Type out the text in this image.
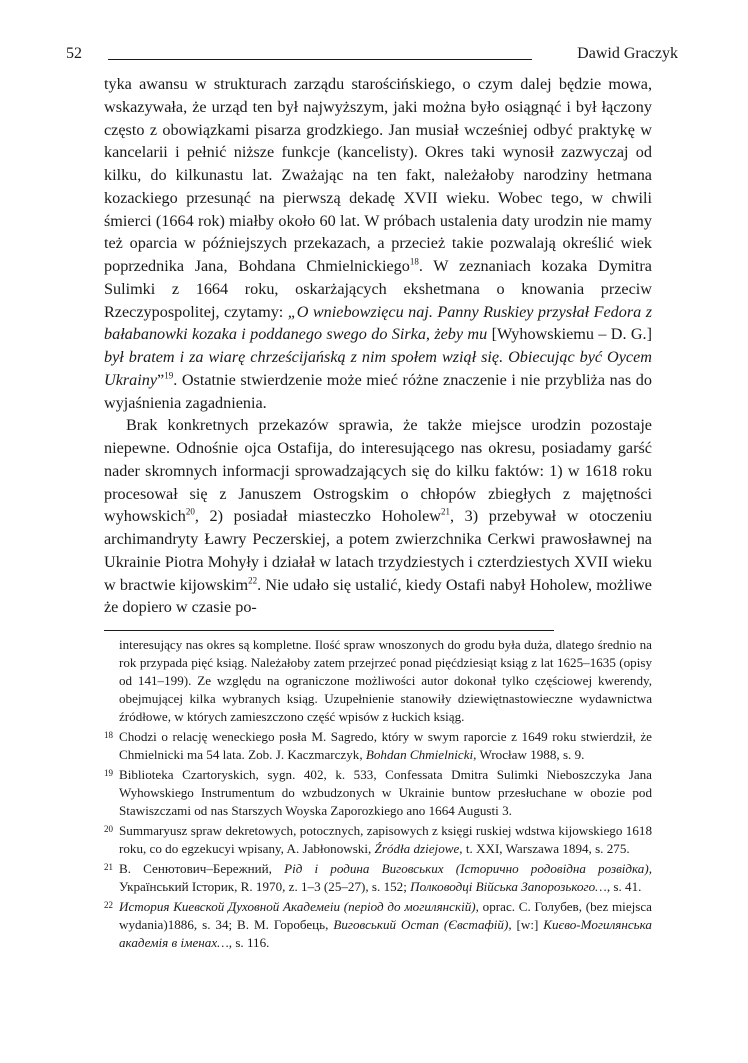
52	Dawid Graczyk

tyka awansu w strukturach zarządu starościńskiego, o czym dalej będzie mowa, wskazywała, że urząd ten był najwyższym, jaki można było osiągnąć i był łączony często z obowiązkami pisarza grodzkiego. Jan musiał wcześniej odbyć praktykę w kancelarii i pełnić niższe funkcje (kancelisty). Okres taki wynosił zazwyczaj od kilku, do kilkunastu lat. Zważając na ten fakt, należałoby narodziny hetmana kozackiego przesunąć na pierwszą dekadę XVII wieku. Wobec tego, w chwili śmierci (1664 rok) miałby około 60 lat. W próbach ustalenia daty urodzin nie mamy też oparcia w późniejszych przekazach, a przecież takie pozwalają określić wiek poprzednika Jana, Bohdana Chmielnickiego$^{18}$. W zeznaniach kozaka Dymitra Sulimki z 1664 roku, oskarżających ekshetmana o knowania przeciw Rzeczypospolitej, czytamy: „O wniebowzięcu naj. Panny Ruskiey przysłał Fedora z bałabanowki kozaka i poddanego swego do Sirka, żeby mu [Wyhowskiemu – D. G.] był bratem i za wiarę chrześcijańską z nim społem wziął się. Obiecując być Oycem Ukrainy”$^{19}$. Ostatnie stwierdzenie może mieć różne znaczenie i nie przybliża nas do wyjaśnienia zagadnienia.

Brak konkretnych przekazów sprawia, że także miejsce urodzin pozostaje niepewne. Odnośnie ojca Ostafija, do interesującego nas okresu, posiadamy garść nader skromnych informacji sprowadzających się do kilku faktów: 1) w 1618 roku procesował się z Januszem Ostrogskim o chłopów zbiegłych z majętności wyhowskich$^{20}$, 2) posiadał miasteczko Hoholew$^{21}$, 3) przebywał w otoczeniu archimandryty Ławry Peczerskiej, a potem zwierzchnika Cerkwi prawosławnej na Ukrainie Piotra Mohyły i działał w latach trzydziestych i czterdziestych XVII wieku w bractwie kijowskim$^{22}$. Nie udało się ustalić, kiedy Ostafi nabył Hoholew, możliwe że dopiero w czasie po-

interesujący nas okres są kompletne. Ilość spraw wnoszonych do grodu była duża, dlatego średnio na rok przypada pięć ksiąg. Należałoby zatem przejrzeć ponad pięćdziesiąt ksiąg z lat 1625–1635 (opisy od 141–199). Ze względu na ograniczone możliwości autor dokonał tylko częściowej kwerendy, obejmującej kilka wybranych ksiąg. Uzupełnienie stanowiły dziewiętnastowieczne wydawnictwa źródłowe, w których zamieszczono część wpisów z łuckich ksiąg.
18 Chodzi o relację weneckiego posła M. Sagredo, który w swym raporcie z 1649 roku stwierdził, że Chmielnicki ma 54 lata. Zob. J. Kaczmarczyk, Bohdan Chmielnicki, Wrocław 1988, s. 9.
19 Biblioteka Czartoryskich, sygn. 402, k. 533, Confessata Dmitra Sulimki Nieboszczyka Jana Wyhowskiego Instrumentum do wzbudzonych w Ukrainie buntow przesłuchane w obozie pod Stawiszczami od nas Starszych Woyska Zaporozkiego ano 1664 Augusti 3.
20 Summaryusz spraw dekretowych, potocznych, zapisowych z księgi ruskiej wdstwa kijowskiego 1618 roku, co do egzekucyi wpisany, A. Jabłonowski, Źródła dziejowe, t. XXI, Warszawa 1894, s. 275.
21 В. Сенютович–Бережний, Рід і родина Виговських (Історично родовідна розвідка), Український Історик, R. 1970, z. 1–3 (25–27), s. 152; Полководці Війська Запорозького…, s. 41.
22 История Киевской Духовной Академеіи (період до могилянскій), oprac. С. Голубев, (bez miejsca wydania)1886, s. 34; В. М. Горобець, Виговський Остап (Євстафій), [w:] Києво-Могилянська академія в іменах…, s. 116.
